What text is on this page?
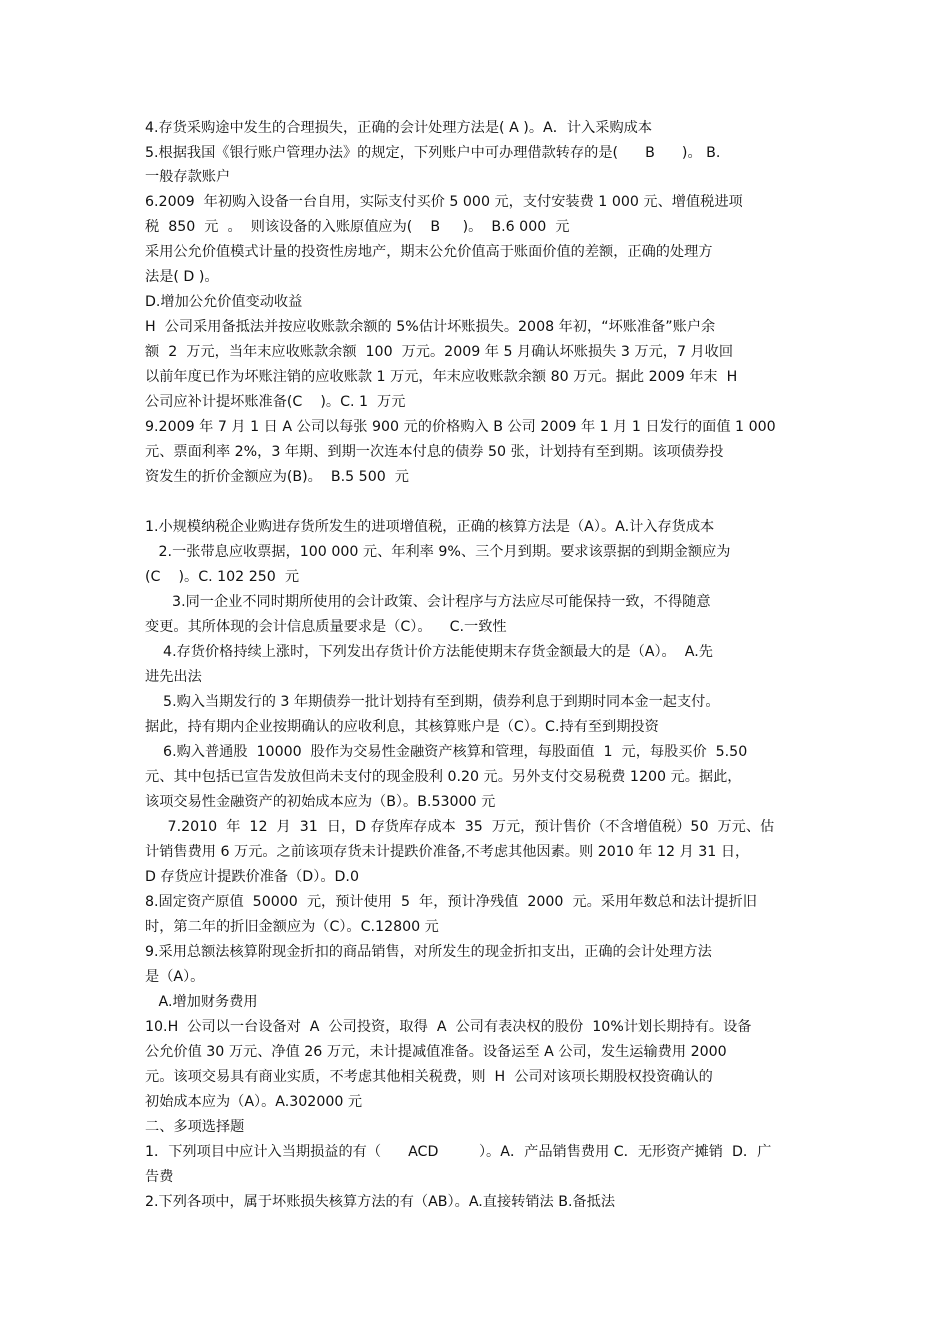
4.存货采购途中发生的合理损失，正确的会计处理方法是( A )。A．计入采购成本
5.根据我国《银行账户管理办法》的规定，下列账户中可办理借款转存的是(      B      )。 B.
一般存款账户
6.2009  年初购入设备一台自用，实际支付买价 5 000 元，支付安装费 1 000 元、增值税进项
税  850  元  。  则该设备的入账原值应为(    B     )。  B.6 000  元
采用公允价值模式计量的投资性房地产，期末公允价值高于账面价值的差额，正确的处理方
法是( D )。
D.增加公允价值变动收益
H  公司采用备抵法并按应收账款余额的 5%估计坏账损失。2008 年初，“坏账准备”账户余
额  2  万元，当年末应收账款余额  100  万元。2009 年 5 月确认坏账损失 3 万元，7 月收回
以前年度已作为坏账注销的应收账款 1 万元，年末应收账款余额 80 万元。据此 2009 年末  H
公司应补计提坏账准备(C    )。C. 1  万元
9.2009 年 7 月 1 日 A 公司以每张 900 元的价格购入 B 公司 2009 年 1 月 1 日发行的面值 1 000
元、票面利率 2%，3 年期、到期一次连本付息的债券 50 张，计划持有至到期。该项债券投
资发生的折价金额应为(B)。  B.5 500  元
1.小规模纳税企业购进存货所发生的进项增值税，正确的核算方法是（A）。A.计入存货成本
2.一张带息应收票据，100 000 元、年利率 9%、三个月到期。要求该票据的到期金额应为
(C    )。C. 102 250  元
3.同一企业不同时期所使用的会计政策、会计程序与方法应尽可能保持一致，不得随意
变更。其所体现的会计信息质量要求是（C）。    C.一致性
4.存货价格持续上涨时，下列发出存货计价方法能使期末存货金额最大的是（A）。  A.先
进先出法
5.购入当期发行的 3 年期债券一批计划持有至到期，债券利息于到期时同本金一起支付。
据此，持有期内企业按期确认的应收利息，其核算账户是（C）。C.持有至到期投资
6.购入普通股  10000  股作为交易性金融资产核算和管理，每股面值  1  元，每股买价  5.50
元、其中包括已宣告发放但尚未支付的现金股利 0.20 元。另外支付交易税费 1200 元。据此，
该项交易性金融资产的初始成本应为（B）。B.53000 元
7.2010  年  12  月  31  日，D 存货库存成本  35  万元，预计售价（不含增值税）50  万元、估
计销售费用 6 万元。之前该项存货未计提跌价准备,不考虑其他因素。则 2010 年 12 月 31 日，
D 存货应计提跌价准备（D）。D.0
8.固定资产原值  50000  元，预计使用  5  年，预计净残值  2000  元。采用年数总和法计提折旧
时，第二年的折旧金额应为（C）。C.12800 元
9.采用总额法核算附现金折扣的商品销售，对所发生的现金折扣支出，正确的会计处理方法
是（A）。
A.增加财务费用
10.H  公司以一台设备对  A  公司投资，取得  A  公司有表决权的股份  10%计划长期持有。设备
公允价值 30 万元、净值 26 万元，未计提减值准备。设备运至 A 公司，发生运输费用 2000
元。该项交易具有商业实质，不考虑其他相关税费，则  H  公司对该项长期股权投资确认的
初始成本应为（A）。A.302000 元
二、多项选择题
1．下列项目中应计入当期损益的有（      ACD         ）。A．产品销售费用 C．无形资产摊销  D．广
告费
2.下列各项中，属于坏账损失核算方法的有（AB）。A.直接转销法 B.备抵法
